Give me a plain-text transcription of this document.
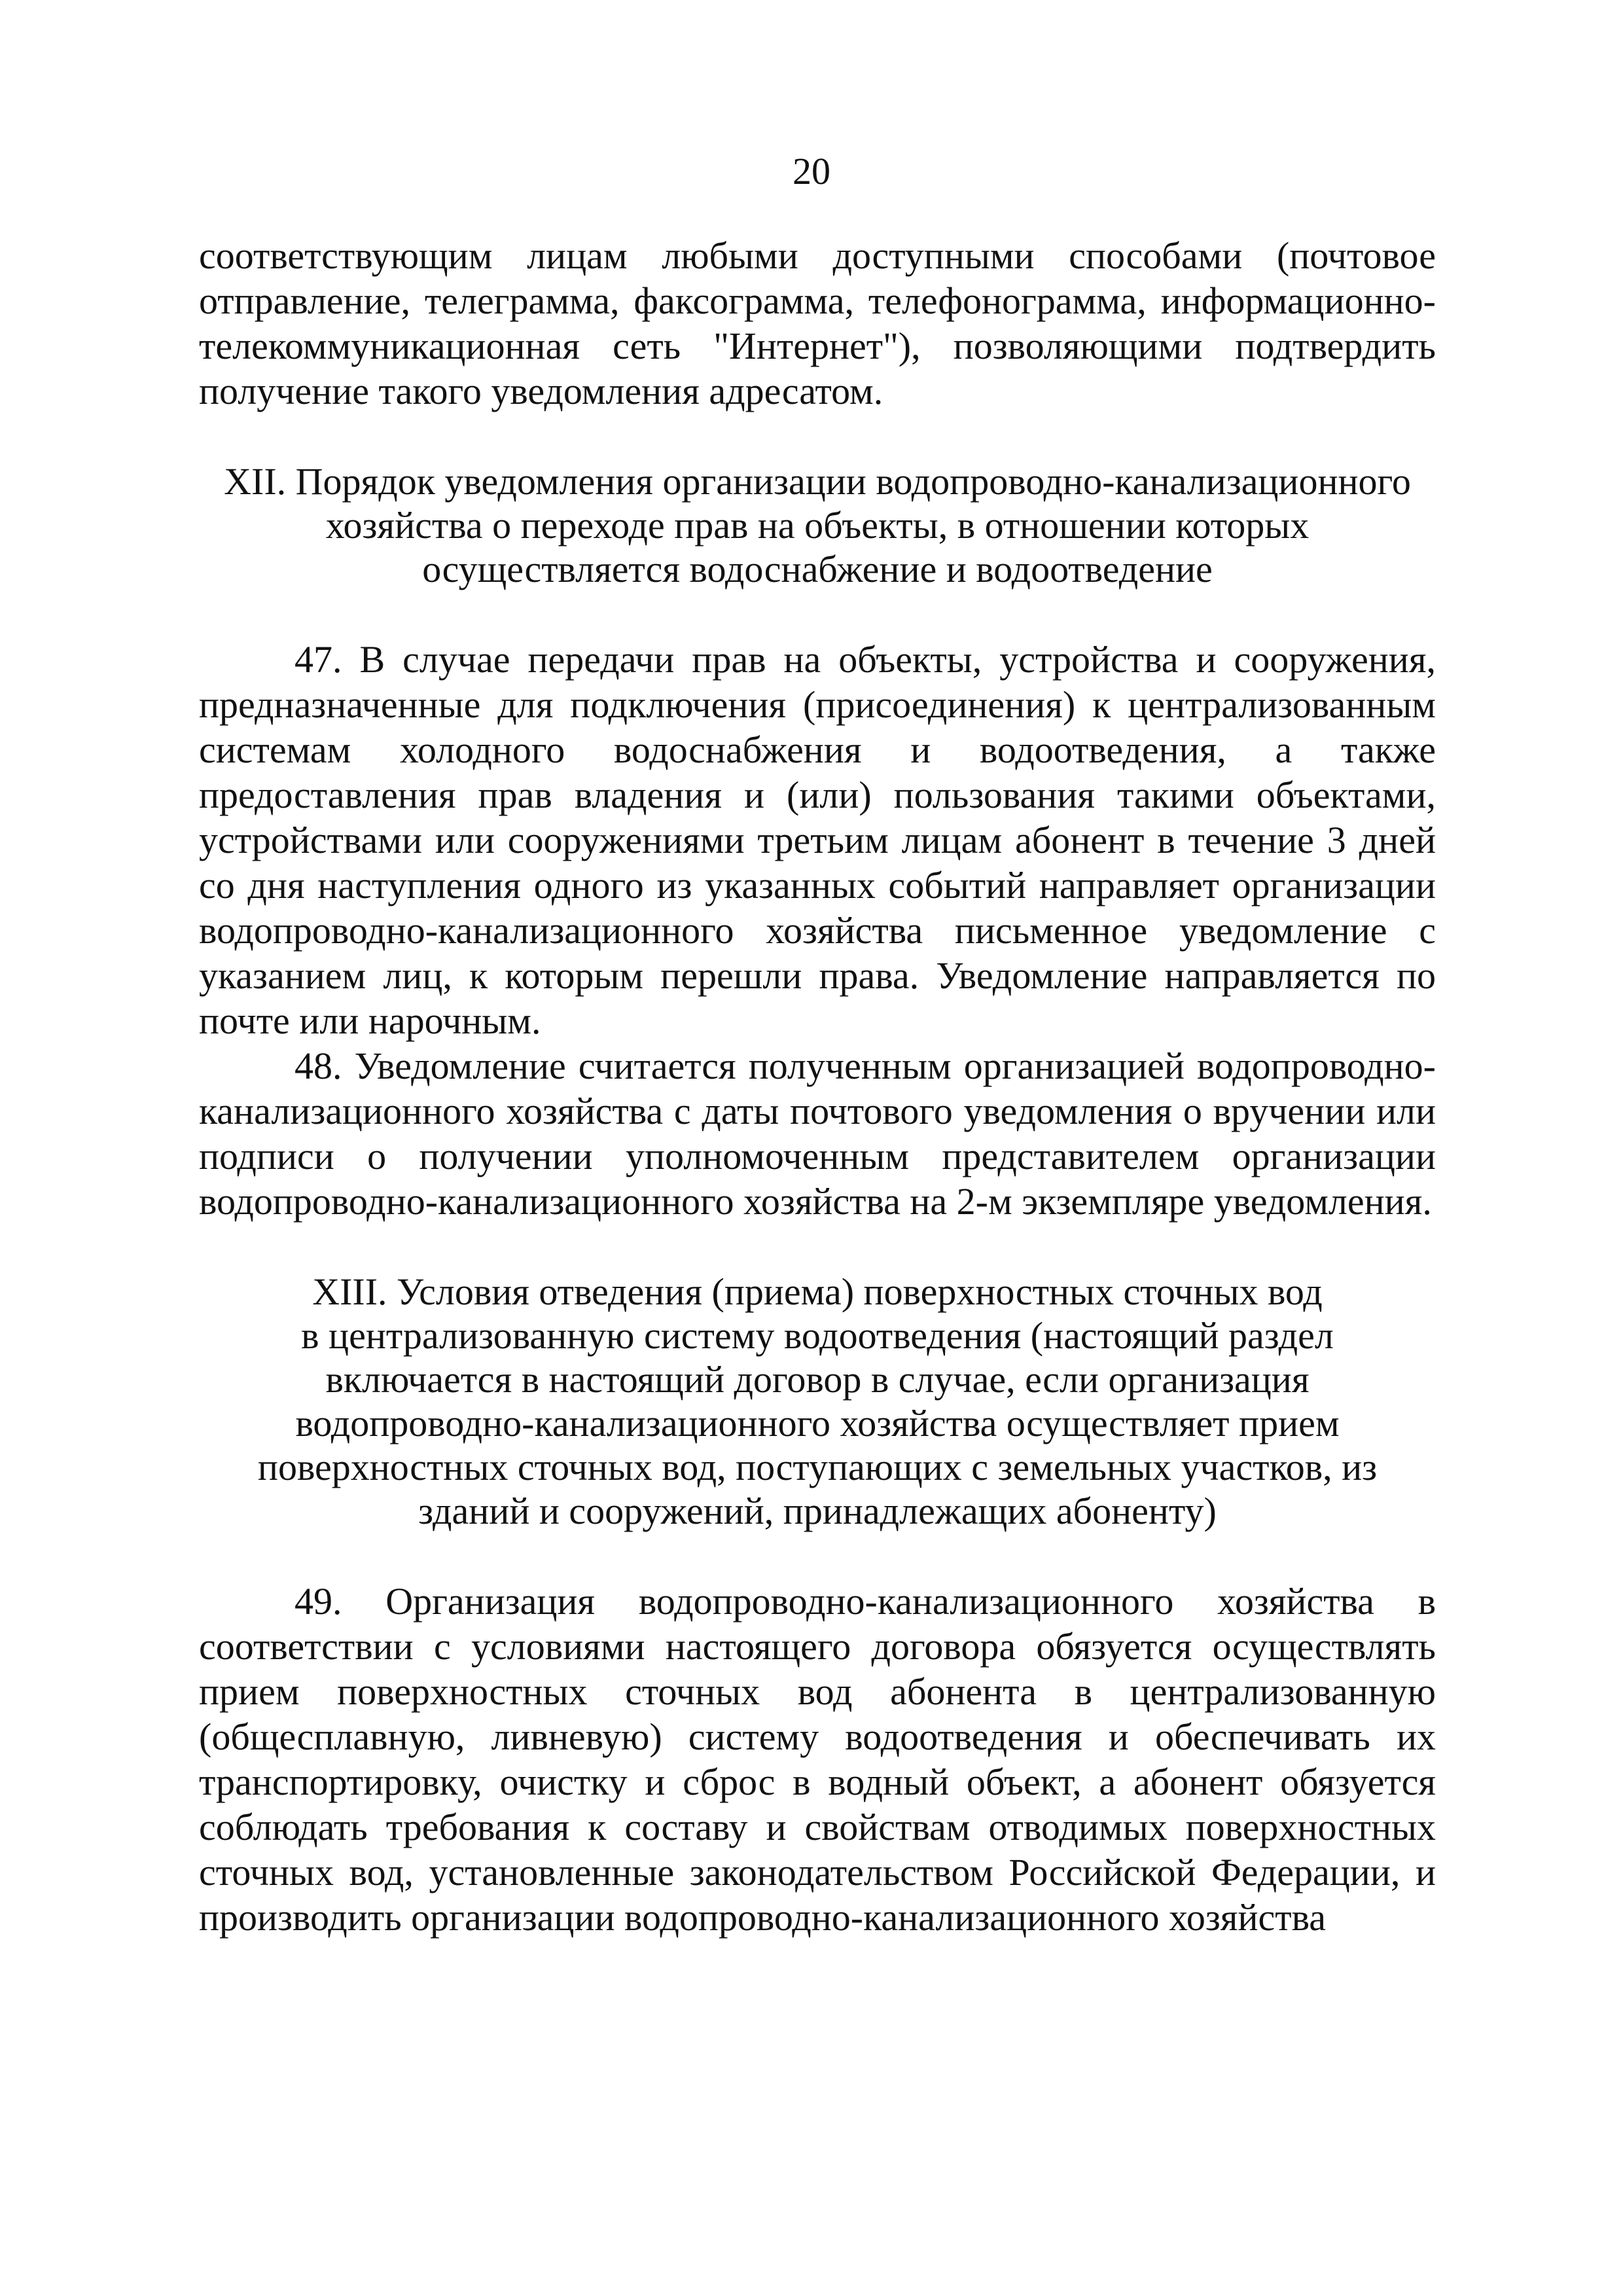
20

соответствующим лицам любыми доступными способами (почтовое отправление, телеграмма, факсограмма, телефонограмма, информационно-телекоммуникационная сеть "Интернет"), позволяющими подтвердить получение такого уведомления адресатом.

XII. Порядок уведомления организации водопроводно-канализационного
хозяйства о переходе прав на объекты, в отношении которых
осуществляется водоснабжение и водоотведение

47. В случае передачи прав на объекты, устройства и сооружения, предназначенные для подключения (присоединения) к централизованным системам холодного водоснабжения и водоотведения, а также предоставления прав владения и (или) пользования такими объектами, устройствами или сооружениями третьим лицам абонент в течение 3 дней со дня наступления одного из указанных событий направляет организации водопроводно-канализационного хозяйства письменное уведомление с указанием лиц, к которым перешли права. Уведомление направляется по почте или нарочным.

48. Уведомление считается полученным организацией водопроводно-канализационного хозяйства с даты почтового уведомления о вручении или подписи о получении уполномоченным представителем организации водопроводно-канализационного хозяйства на 2-м экземпляре уведомления.

XIII. Условия отведения (приема) поверхностных сточных вод
в централизованную систему водоотведения (настоящий раздел
включается в настоящий договор в случае, если организация
водопроводно-канализационного хозяйства осуществляет прием
поверхностных сточных вод, поступающих с земельных участков, из
зданий и сооружений, принадлежащих абоненту)

49. Организация водопроводно-канализационного хозяйства в соответствии с условиями настоящего договора обязуется осуществлять прием поверхностных сточных вод абонента в централизованную (общесплавную, ливневую) систему водоотведения и обеспечивать их транспортировку, очистку и сброс в водный объект, а абонент обязуется соблюдать требования к составу и свойствам отводимых поверхностных сточных вод, установленные законодательством Российской Федерации, и производить организации водопроводно-канализационного хозяйства
